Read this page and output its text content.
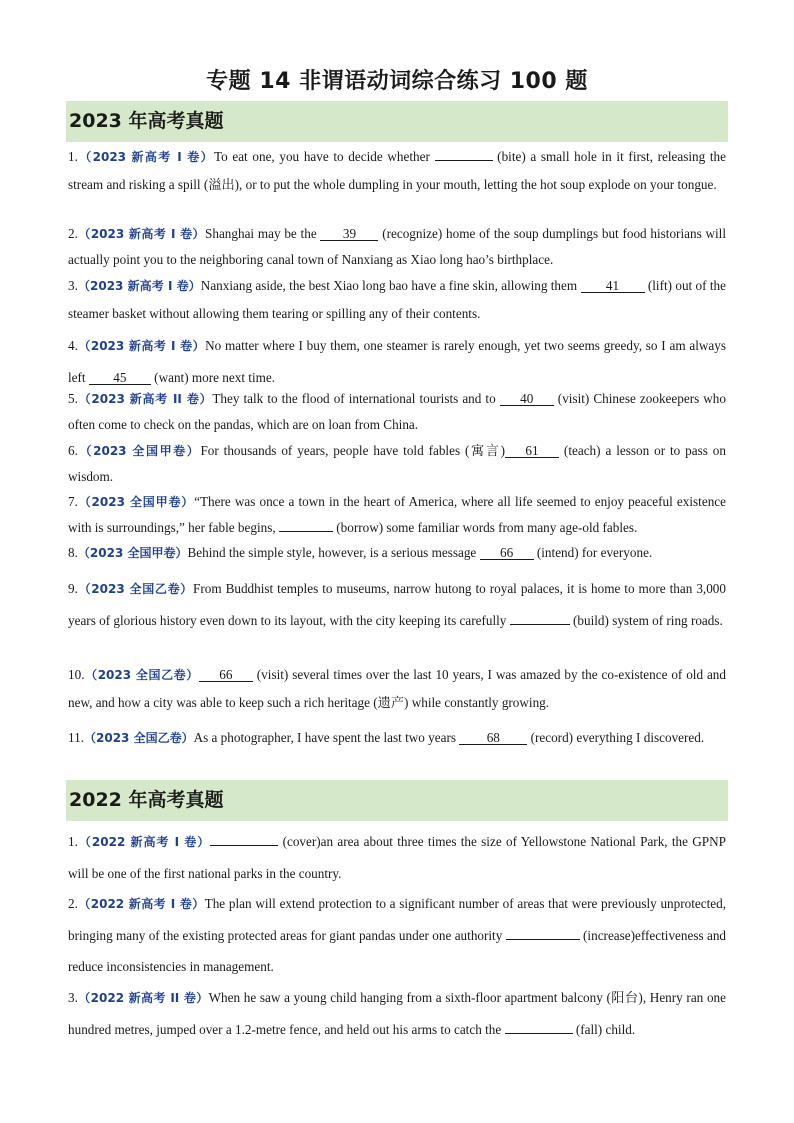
专题 14 非谓语动词综合练习 100 题
2023 年高考真题
1.（2023 新高考 I 卷）To eat one, you have to decide whether	(bite) a small hole in it first, releasing the stream and risking a spill (溢出), or to put the whole dumpling in your mouth, letting the hot soup explode on your tongue.
2.（2023 新高考 I 卷）Shanghai may be the 39 (recognize) home of the soup dumplings but food historians will actually point you to the neighboring canal town of Nanxiang as Xiao long hao’s birthplace.
3.（2023 新高考 I 卷）Nanxiang aside, the best Xiao long bao have a fine skin, allowing them 41 (lift) out of the steamer basket without allowing them tearing or spilling any of their contents.
4.（2023 新高考 I 卷）No matter where I buy them, one steamer is rarely enough, yet two seems greedy, so I am always left 45 (want) more next time.
5.（2023 新高考 II 卷）They talk to the flood of international tourists and to 40 (visit) Chinese zookeepers who often come to check on the pandas, which are on loan from China.
6.（2023 全国甲卷）For thousands of years, people have told fables (寓言) 61 (teach) a lesson or to pass on wisdom.
7.（2023 全国甲卷）“There was once a town in the heart of America, where all life seemed to enjoy peaceful existence with is surroundings,” her fable begins,	(borrow) some familiar words from many age-old fables.
8.（2023 全国甲卷）Behind the simple style, however, is a serious message 66 (intend) for everyone.
9.（2023 全国乙卷）From Buddhist temples to museums, narrow hutong to royal palaces, it is home to more than 3,000 years of glorious history even down to its layout, with the city keeping its carefully	(build) system of ring roads.
10.（2023 全国乙卷） 66 (visit) several times over the last 10 years, I was amazed by the co-existence of old and new, and how a city was able to keep such a rich heritage (遗产) while constantly growing.
11.（2023 全国乙卷）As a photographer, I have spent the last two years 68 (record) everything I discovered.
2022 年高考真题
1.（2022 新高考 I 卷）	(cover)an area about three times the size of Yellowstone National Park, the GPNP will be one of the first national parks in the country.
2.（2022 新高考 I 卷）The plan will extend protection to a significant number of areas that were previously unprotected, bringing many of the existing protected areas for giant pandas under one authority	(increase)effectiveness and reduce inconsistencies in management.
3.（2022 新高考 II 卷）When he saw a young child hanging from a sixth-floor apartment balcony (阳台), Henry ran one hundred metres, jumped over a 1.2-metre fence, and held out his arms to catch the	(fall) child.
